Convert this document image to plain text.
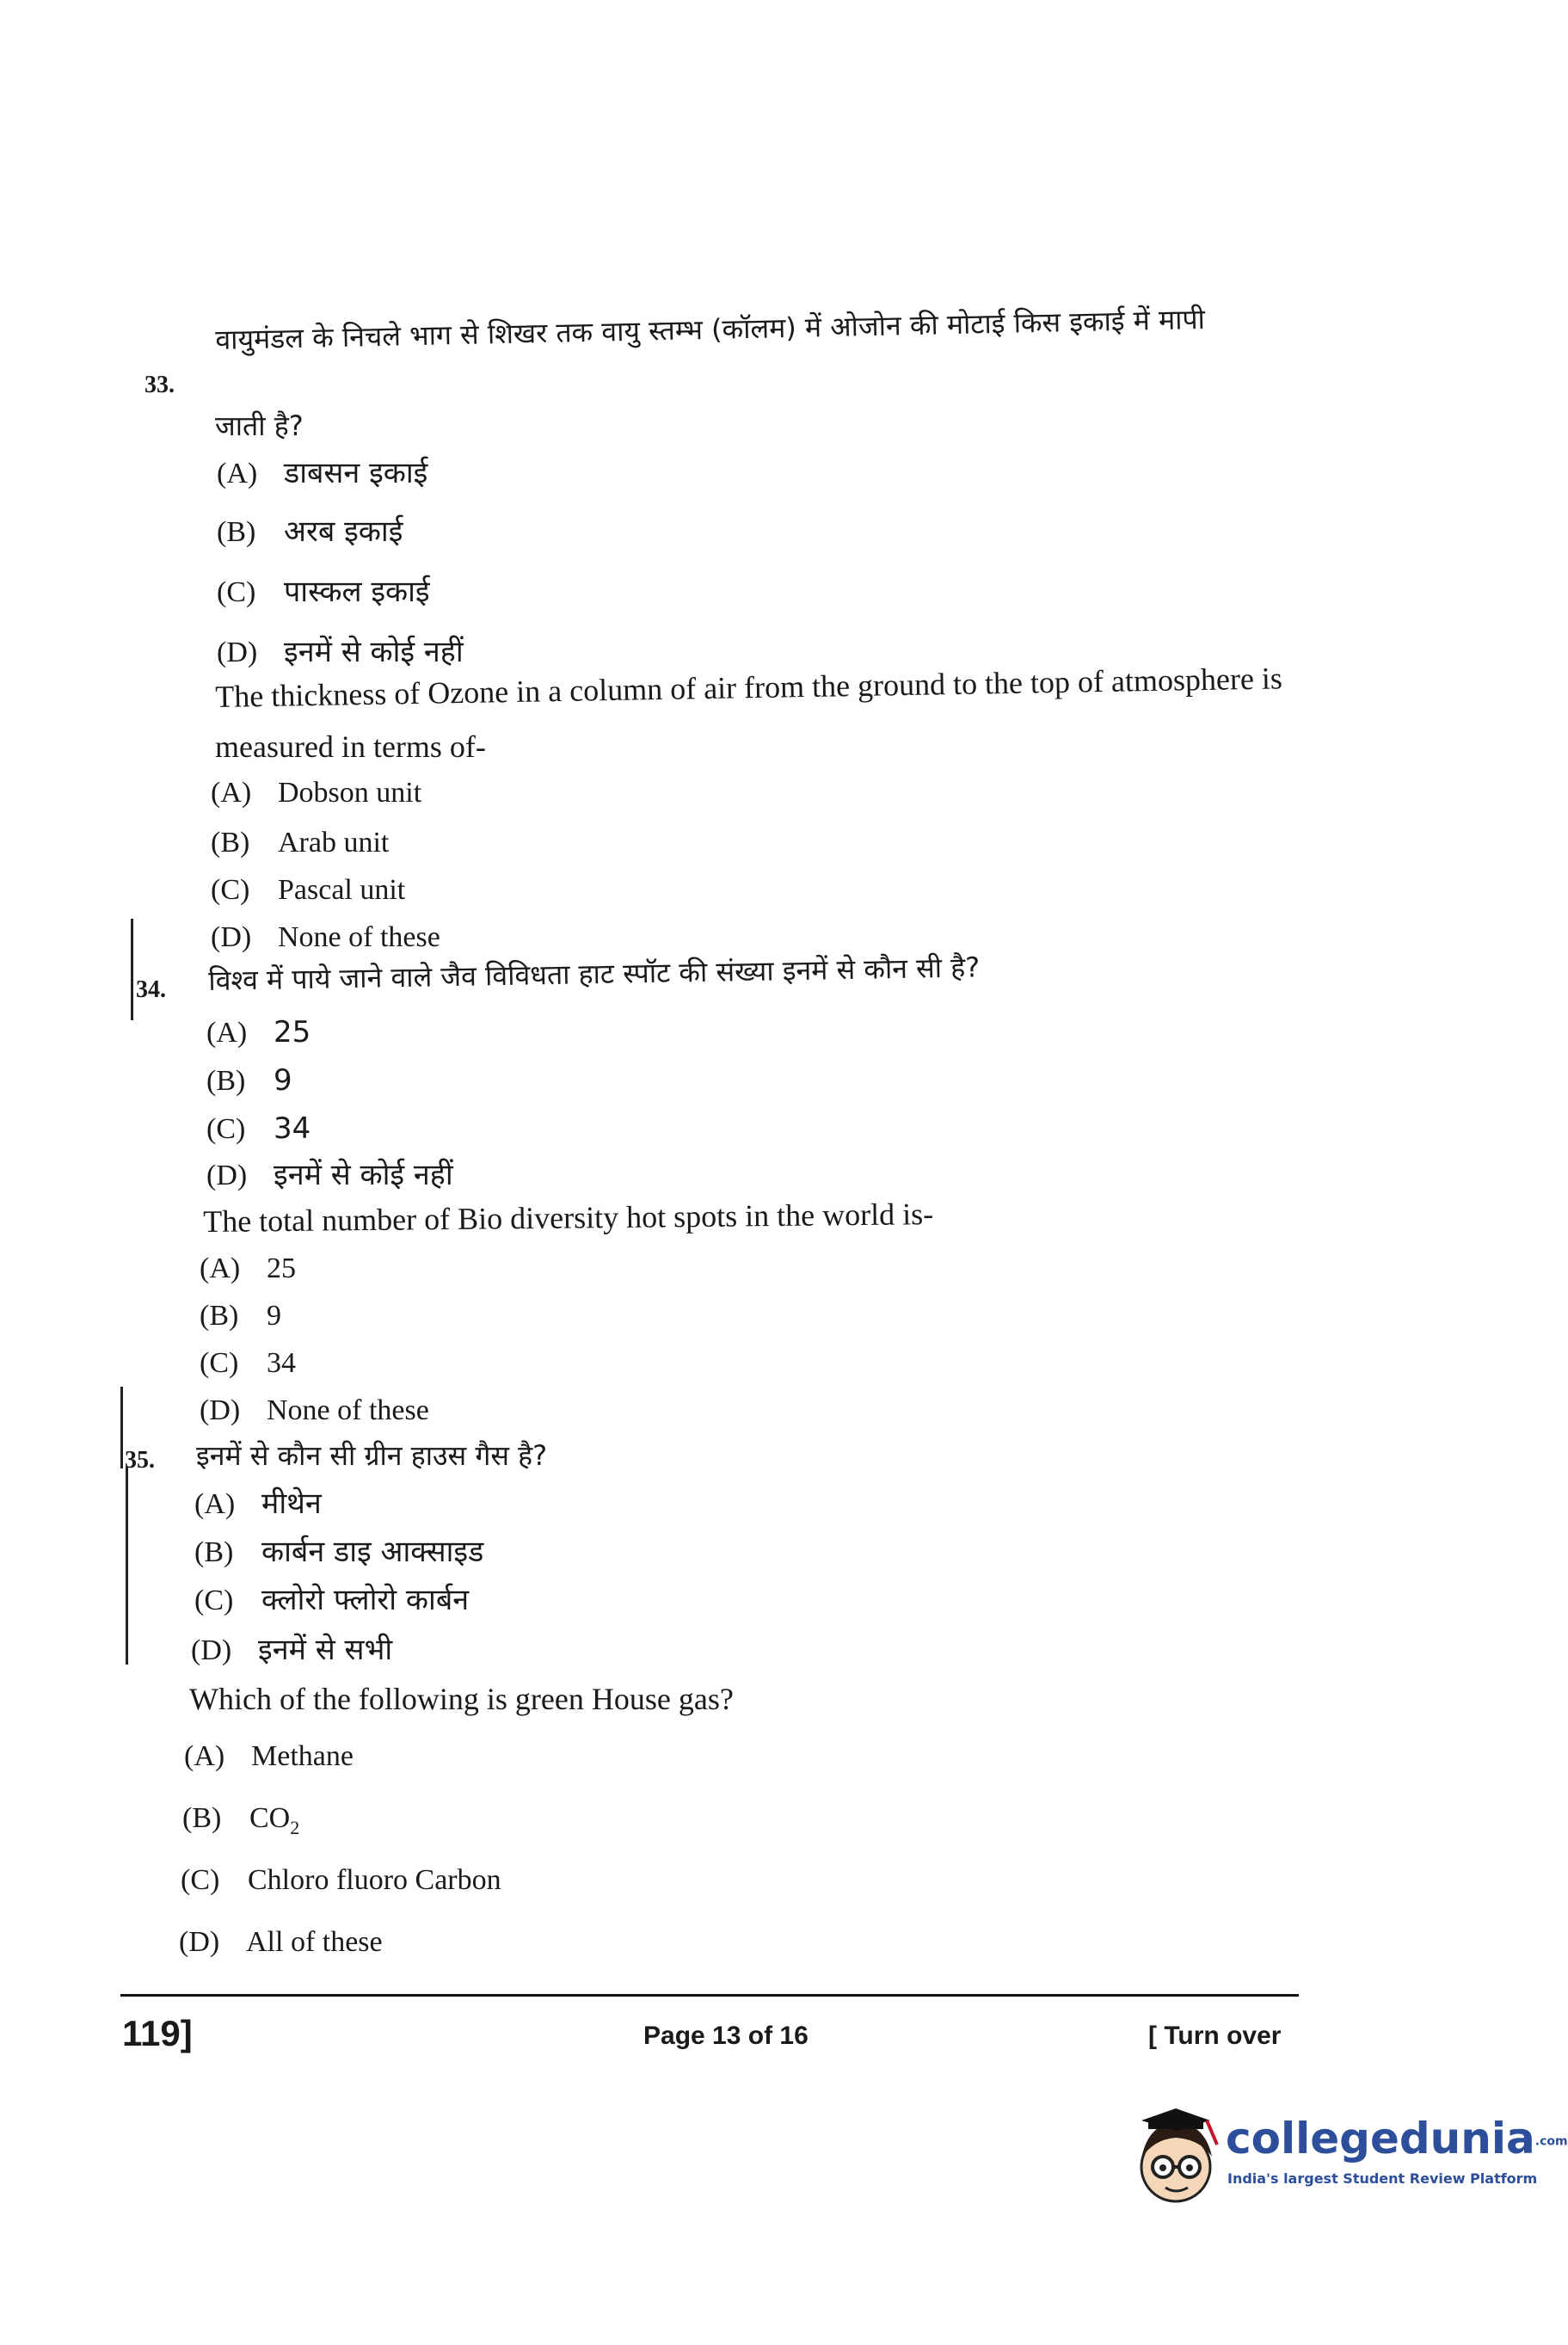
33.
वायुमंडल के निचले भाग से शिखर तक वायु स्तम्भ (कॉलम) में ओजोन की मोटाई किस इकाई में मापी
जाती है?
(A) डाबसन इकाई
(B) अरब इकाई
(C) पास्कल इकाई
(D) इनमें से कोई नहीं
The thickness of Ozone in a column of air from the ground to the top of atmosphere is
measured in terms of-
(A) Dobson unit
(B) Arab unit
(C) Pascal unit
(D) None of these
34. विश्व में पाये जाने वाले जैव विविधता हाट स्पॉट की संख्या इनमें से कौन सी है?
(A) 25
(B) 9
(C) 34
(D) इनमें से कोई नहीं
The total number of Bio diversity hot spots in the world is-
(A) 25
(B) 9
(C) 34
(D) None of these
35. इनमें से कौन सी ग्रीन हाउस गैस है?
(A) मीथेन
(B) कार्बन डाइ आक्साइड
(C) क्लोरो फ्लोरो कार्बन
(D) इनमें से सभी
Which of the following is green House gas?
(A) Methane
(B) $CO_2$
(C) Chloro fluoro Carbon
(D) All of these
119]	Page 13 of 16	[ Turn over
collegedunia.com
India's largest Student Review Platform
